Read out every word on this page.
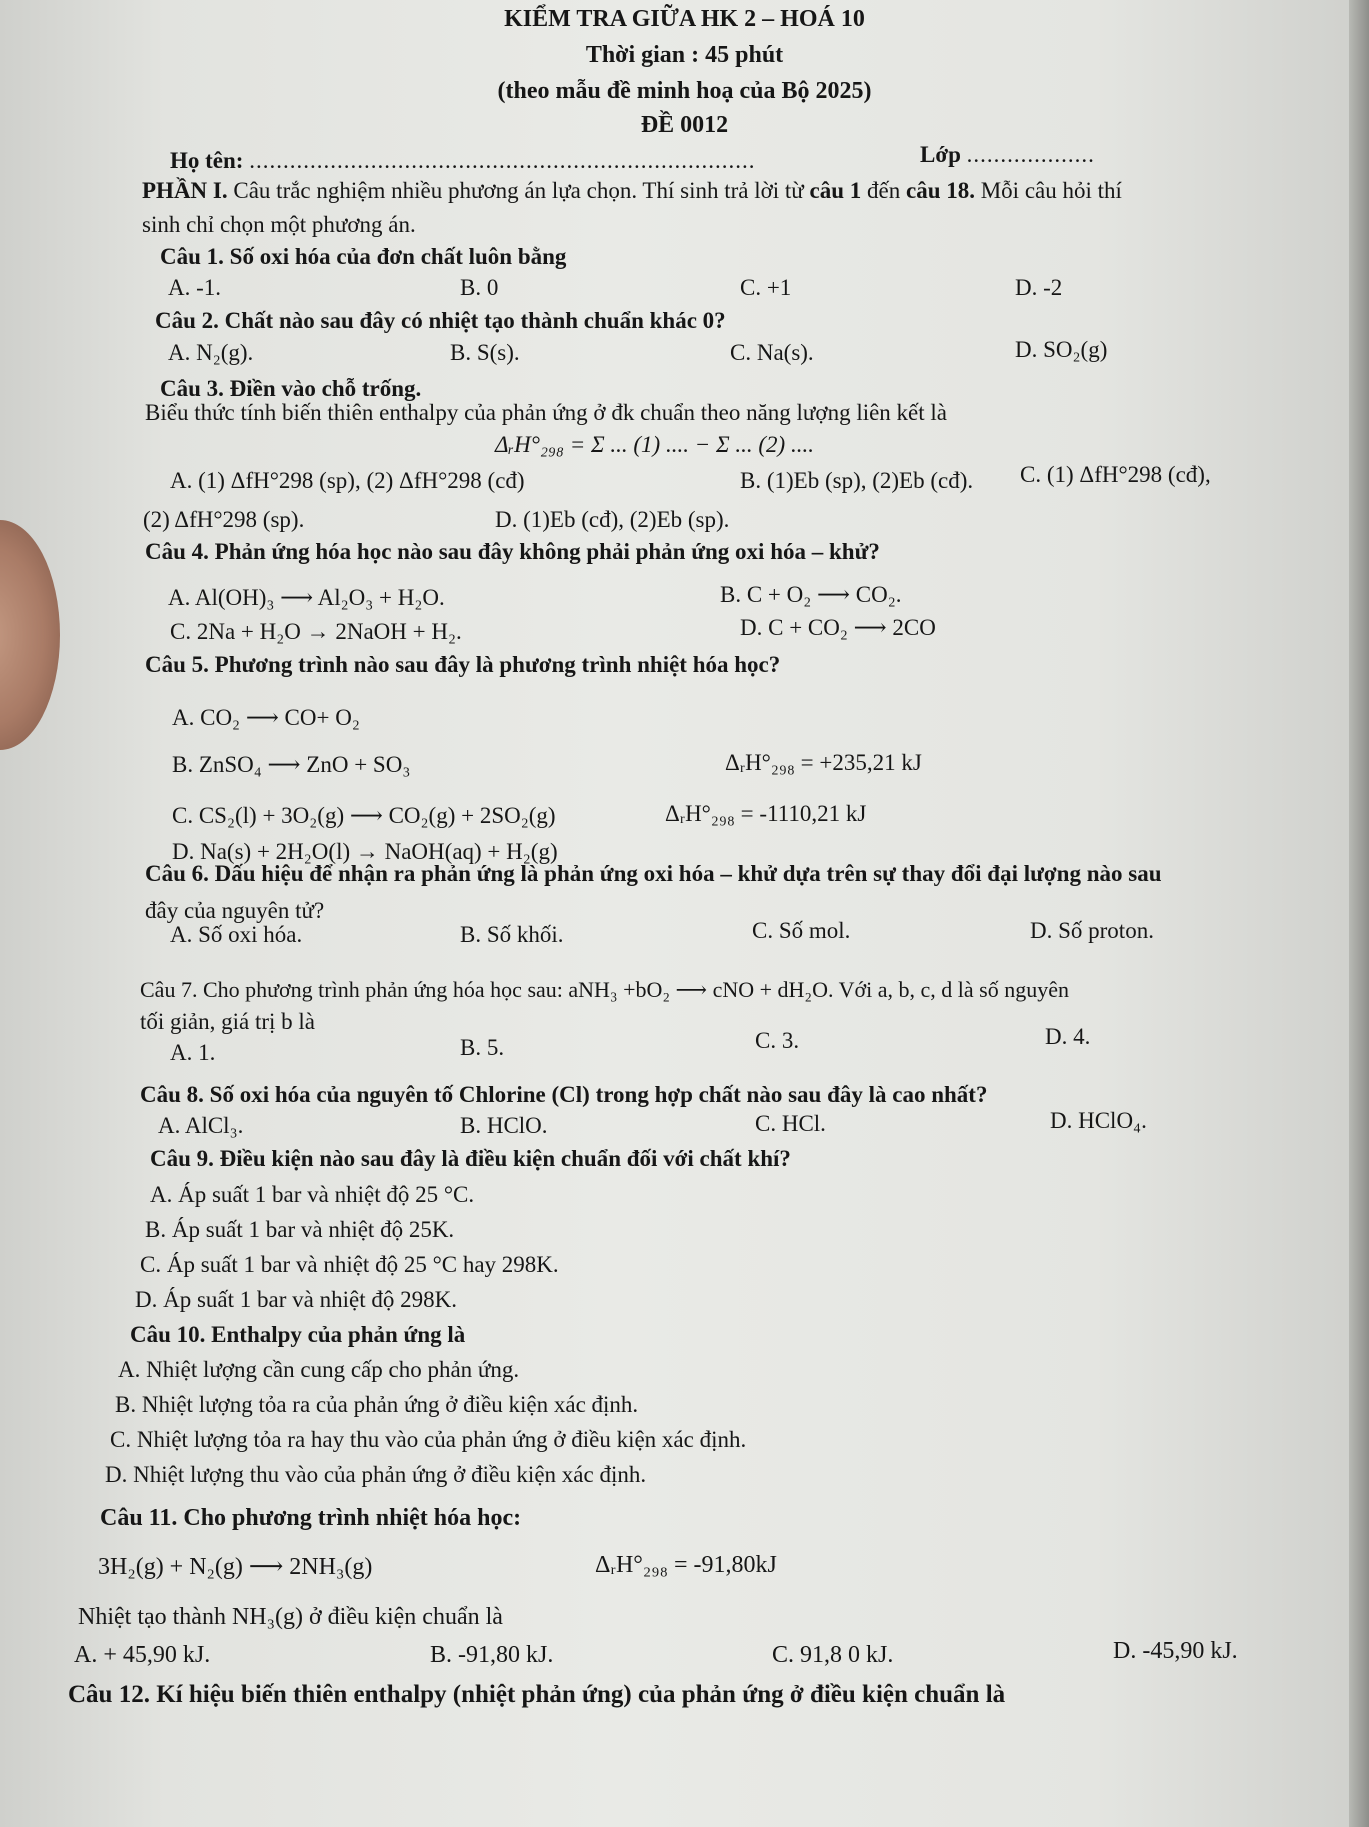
KIỂM TRA GIỮA HK 2 – HOÁ 10
Thời gian : 45 phút
(theo mẫu đề minh hoạ của Bộ 2025)
ĐỀ 0012
Họ tên: ...........................................................................	Lớp ...................
PHẦN I. Câu trắc nghiệm nhiều phương án lựa chọn. Thí sinh trả lời từ câu 1 đến câu 18. Mỗi câu hỏi thí
sinh chỉ chọn một phương án.
Câu 1. Số oxi hóa của đơn chất luôn bằng
A. -1.	B. 0	C. +1	D. -2
Câu 2. Chất nào sau đây có nhiệt tạo thành chuẩn khác 0?
A. N₂(g).	B. S(s).	C. Na(s).	D. SO₂(g)
Câu 3. Điền vào chỗ trống.
Biểu thức tính biến thiên enthalpy của phản ứng ở đk chuẩn theo năng lượng liên kết là
ΔᵣH°₂₉₈ = Σ ... (1) .... − Σ ... (2) ....
A. (1) ΔfH°298 (sp), (2) ΔfH°298 (cđ)	B. (1)Eb (sp), (2)Eb (cđ). C. (1) ΔfH°298 (cđ),
(2) ΔfH°298 (sp).	D. (1)Eb (cđ), (2)Eb (sp).
Câu 4. Phản ứng hóa học nào sau đây không phải phản ứng oxi hóa – khử?
A. Al(OH)₃ ⟶ Al₂O₃ + H₂O.	B. C + O₂ ⟶ CO₂.
C. 2Na + H₂O → 2NaOH + H₂.	D. C + CO₂ ⟶ 2CO
Câu 5. Phương trình nào sau đây là phương trình nhiệt hóa học?
A. CO₂ ⟶ CO+ O₂
B. ZnSO₄ ⟶ ZnO + SO₃	ΔᵣH°₂₉₈ = +235,21 kJ
C. CS₂(l) + 3O₂(g) ⟶ CO₂(g) + 2SO₂(g)	ΔᵣH°₂₉₈ = -1110,21 kJ
D. Na(s) + 2H₂O(l) → NaOH(aq) + H₂(g)
Câu 6. Dấu hiệu để nhận ra phản ứng là phản ứng oxi hóa – khử dựa trên sự thay đổi đại lượng nào sau
đây của nguyên tử?
A. Số oxi hóa.	B. Số khối.	C. Số mol.	D. Số proton.
Câu 7. Cho phương trình phản ứng hóa học sau: aNH₃ +bO₂ ⟶ cNO + dH₂O. Với a, b, c, d là số nguyên
tối giản, giá trị b là
A. 1.	B. 5.	C. 3.	D. 4.
Câu 8. Số oxi hóa của nguyên tố Chlorine (Cl) trong hợp chất nào sau đây là cao nhất?
A. AlCl₃.	B. HClO.	C. HCl.	D. HClO₄.
Câu 9. Điều kiện nào sau đây là điều kiện chuẩn đối với chất khí?
A. Áp suất 1 bar và nhiệt độ 25 °C.
B. Áp suất 1 bar và nhiệt độ 25K.
C. Áp suất 1 bar và nhiệt độ 25 °C hay 298K.
D. Áp suất 1 bar và nhiệt độ 298K.
Câu 10. Enthalpy của phản ứng là
A. Nhiệt lượng cần cung cấp cho phản ứng.
B. Nhiệt lượng tỏa ra của phản ứng ở điều kiện xác định.
C. Nhiệt lượng tỏa ra hay thu vào của phản ứng ở điều kiện xác định.
D. Nhiệt lượng thu vào của phản ứng ở điều kiện xác định.
Câu 11. Cho phương trình nhiệt hóa học:
3H₂(g) + N₂(g) ⟶ 2NH₃(g)	ΔᵣH°₂₉₈ = -91,80kJ
Nhiệt tạo thành NH₃(g) ở điều kiện chuẩn là
A. + 45,90 kJ.	B. -91,80 kJ.	C. 91,8 0 kJ.	D. -45,90 kJ.
Câu 12. Kí hiệu biến thiên enthalpy (nhiệt phản ứng) của phản ứng ở điều kiện chuẩn là
